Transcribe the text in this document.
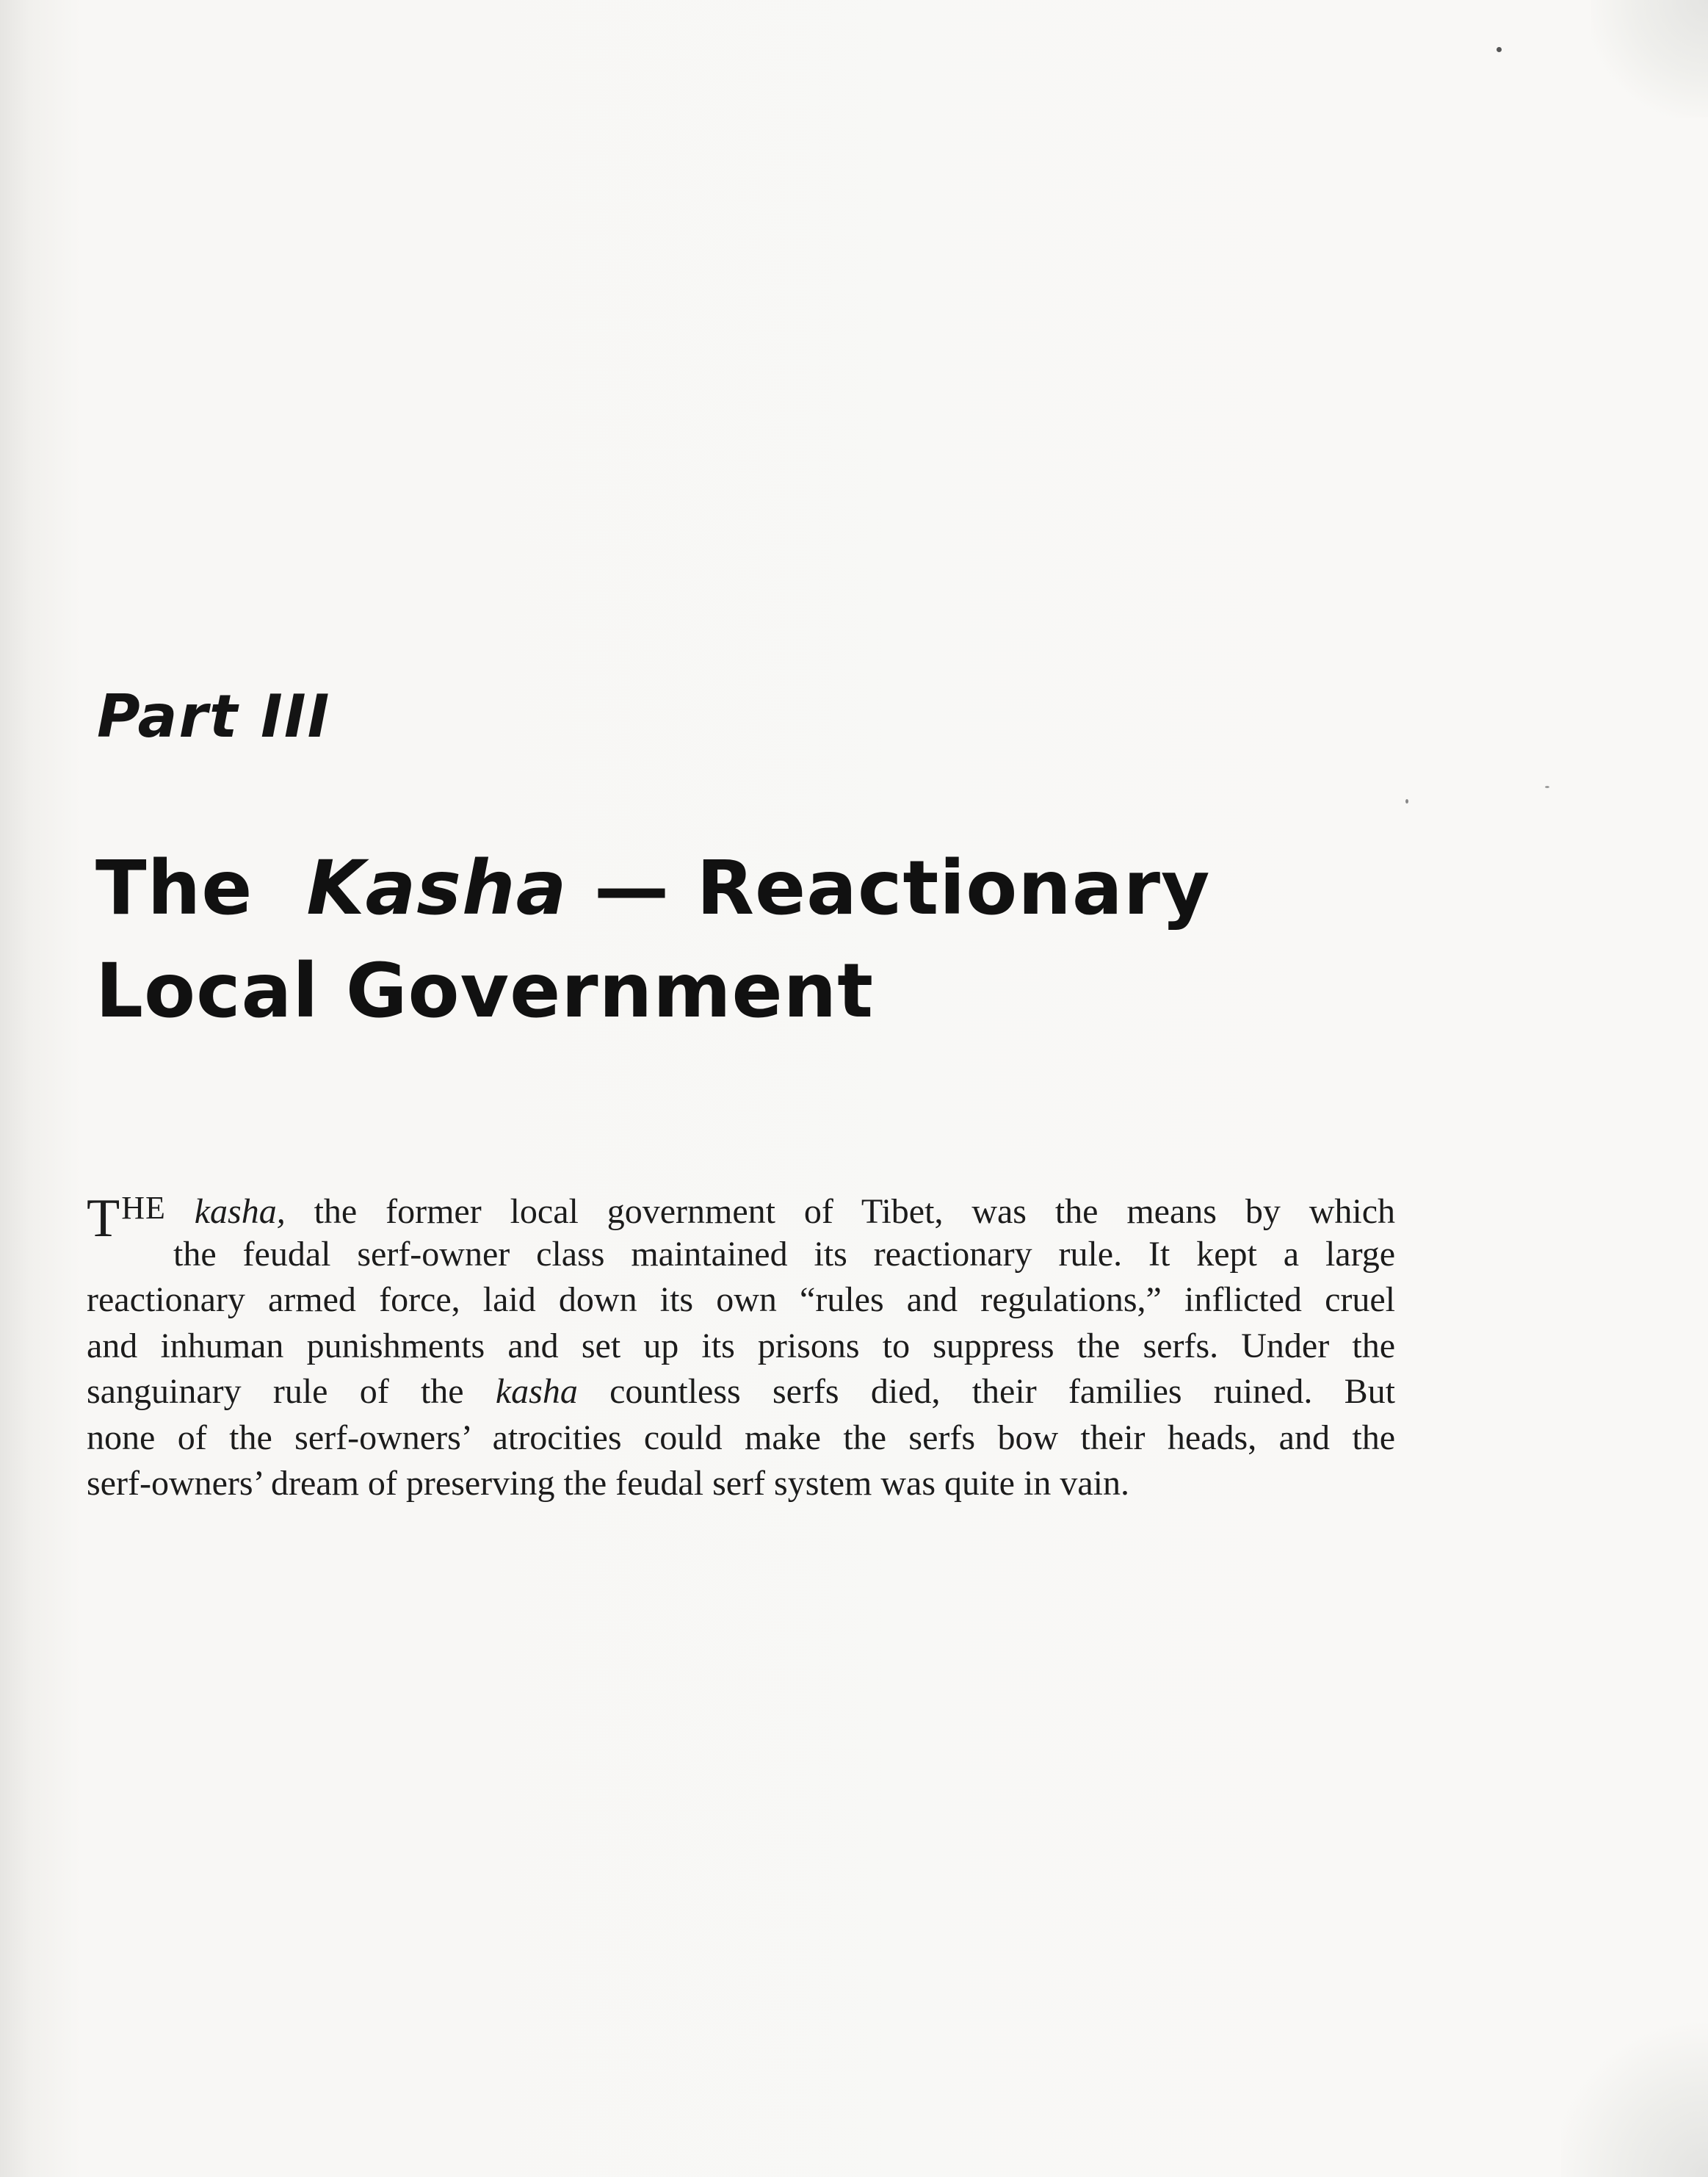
Part III
The Kasha — Reactionary
Local Government
THE kasha, the former local government of Tibet, was the means by which
the feudal serf-owner class maintained its reactionary rule. It kept a large
reactionary armed force, laid down its own “rules and regulations,” inflicted cruel
and inhuman punishments and set up its prisons to suppress the serfs. Under the
sanguinary rule of the kasha countless serfs died, their families ruined. But
none of the serf-owners’ atrocities could make the serfs bow their heads, and the
serf-owners’ dream of preserving the feudal serf system was quite in vain.
